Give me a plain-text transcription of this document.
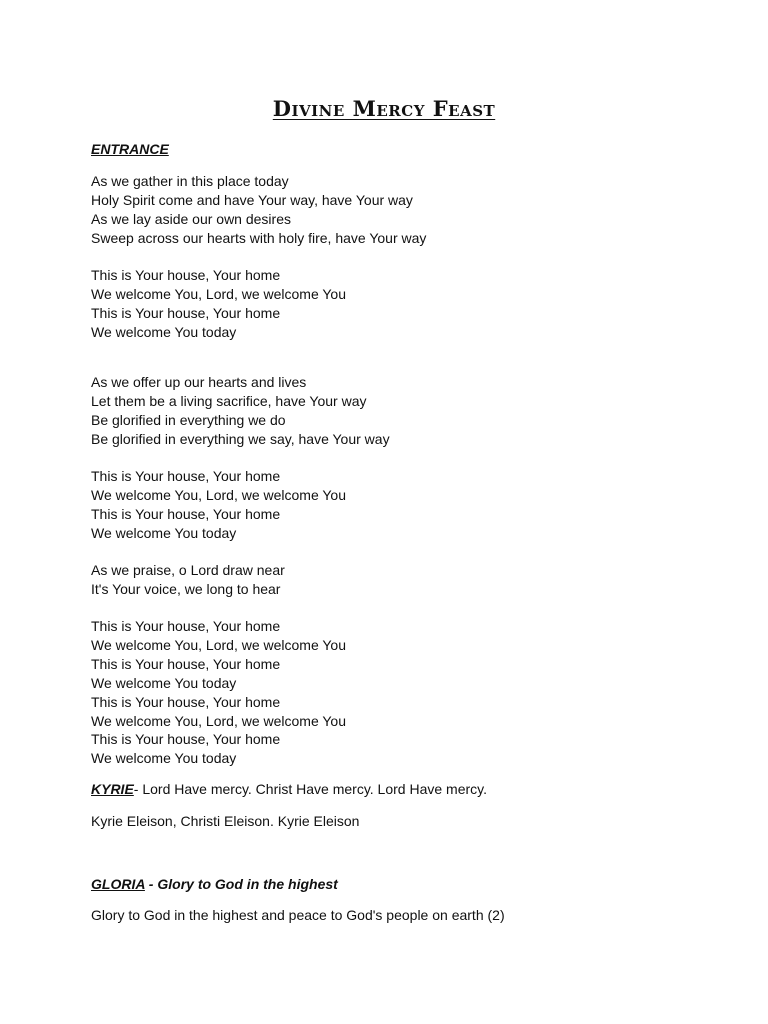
Divine Mercy Feast
ENTRANCE
As we gather in this place today
Holy Spirit come and have Your way, have Your way
As we lay aside our own desires
Sweep across our hearts with holy fire, have Your way
This is Your house, Your home
We welcome You, Lord, we welcome You
This is Your house, Your home
We welcome You today
As we offer up our hearts and lives
Let them be a living sacrifice, have Your way
Be glorified in everything we do
Be glorified in everything we say, have Your way
This is Your house, Your home
We welcome You, Lord, we welcome You
This is Your house, Your home
We welcome You today
As we praise, o Lord draw near
It's Your voice, we long to hear
This is Your house, Your home
We welcome You, Lord, we welcome You
This is Your house, Your home
We welcome You today
This is Your house, Your home
We welcome You, Lord, we welcome You
This is Your house, Your home
We welcome You today
KYRIE- Lord Have mercy. Christ Have mercy. Lord Have mercy.
Kyrie Eleison, Christi Eleison. Kyrie Eleison
GLORIA - Glory to God in the highest
Glory to God in the highest and peace to God's people on earth (2)
